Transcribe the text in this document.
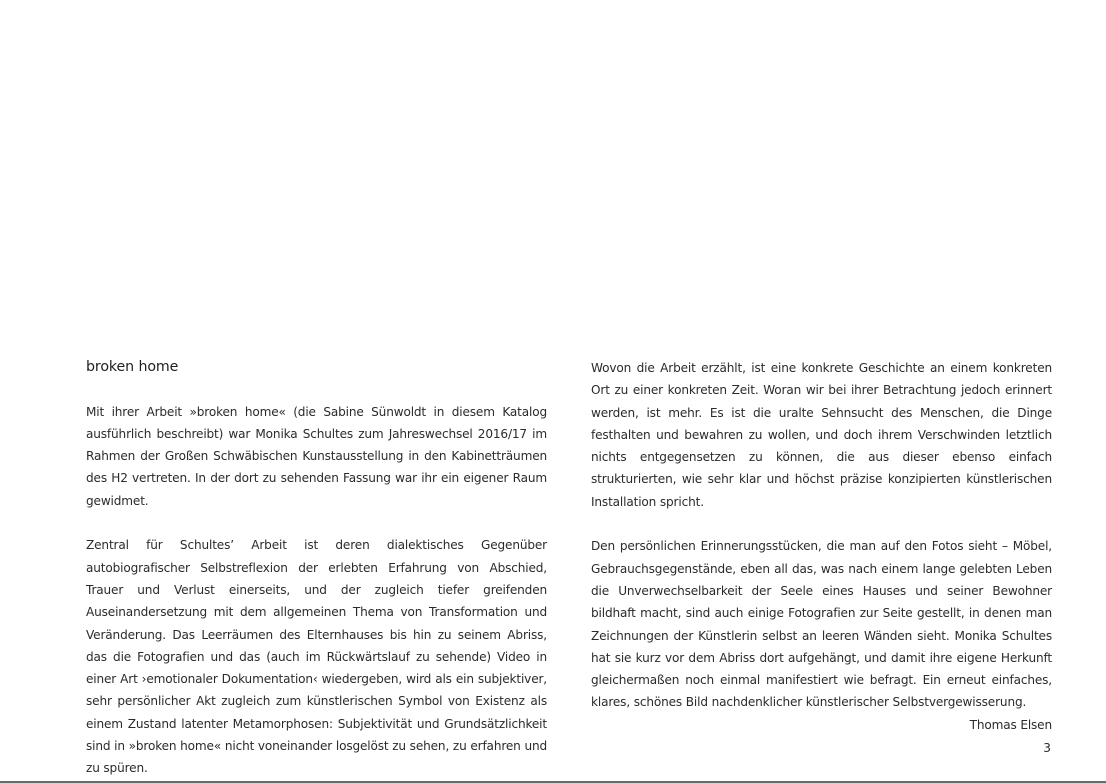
broken home

Mit ihrer Arbeit »broken home« (die Sabine Sünwoldt in diesem Katalog ausführlich beschreibt) war Monika Schultes zum Jahreswechsel 2016/17 im Rahmen der Großen Schwäbischen Kunstausstellung in den Kabinetträumen des H2 vertreten. In der dort zu sehenden Fassung war ihr ein eigener Raum gewidmet.

Zentral für Schultes’ Arbeit ist deren dialektisches Gegenüber autobiografischer Selbstreflexion der erlebten Erfahrung von Abschied, Trauer und Verlust einerseits, und der zugleich tiefer greifenden Auseinandersetzung mit dem allgemeinen Thema von Transformation und Veränderung. Das Leerräumen des Elternhauses bis hin zu seinem Abriss, das die Fotografien und das (auch im Rückwärtslauf zu sehende) Video in einer Art ›emotionaler Dokumentation‹ wiedergeben, wird als ein subjektiver, sehr persönlicher Akt zugleich zum künstlerischen Symbol von Existenz als einem Zustand latenter Metamorphosen: Subjektivität und Grundsätzlichkeit sind in »broken home« nicht voneinander losgelöst zu sehen, zu erfahren und zu spüren.

Wovon die Arbeit erzählt, ist eine konkrete Geschichte an einem konkreten Ort zu einer konkreten Zeit. Woran wir bei ihrer Betrachtung jedoch erinnert werden, ist mehr. Es ist die uralte Sehnsucht des Menschen, die Dinge festhalten und bewahren zu wollen, und doch ihrem Verschwinden letztlich nichts entgegensetzen zu können, die aus dieser ebenso einfach strukturierten, wie sehr klar und höchst präzise konzipierten künstlerischen Installation spricht.

Den persönlichen Erinnerungsstücken, die man auf den Fotos sieht – Möbel, Gebrauchsgegenstände, eben all das, was nach einem lange gelebten Leben die Unverwechselbarkeit der Seele eines Hauses und seiner Bewohner bildhaft macht, sind auch einige Fotografien zur Seite gestellt, in denen man Zeichnungen der Künstlerin selbst an leeren Wänden sieht. Monika Schultes hat sie kurz vor dem Abriss dort aufgehängt, und damit ihre eigene Herkunft gleichermaßen noch einmal manifestiert wie befragt. Ein erneut einfaches, klares, schönes Bild nachdenklicher künstlerischer Selbstvergewisserung.

Thomas Elsen

3
